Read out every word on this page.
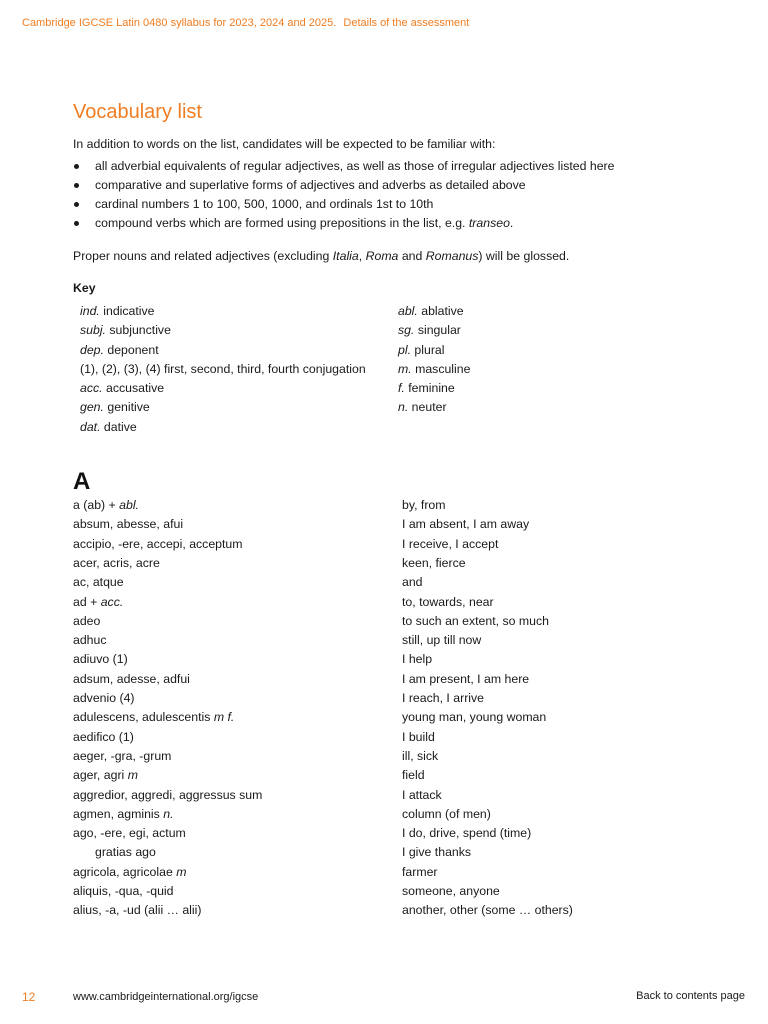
Cambridge IGCSE Latin 0480 syllabus for 2023, 2024 and 2025. Details of the assessment
Vocabulary list
In addition to words on the list, candidates will be expected to be familiar with:
all adverbial equivalents of regular adjectives, as well as those of irregular adjectives listed here
comparative and superlative forms of adjectives and adverbs as detailed above
cardinal numbers 1 to 100, 500, 1000, and ordinals 1st to 10th
compound verbs which are formed using prepositions in the list, e.g. transeo.
Proper nouns and related adjectives (excluding Italia, Roma and Romanus) will be glossed.
Key
ind. indicative
subj. subjunctive
dep. deponent
(1), (2), (3), (4) first, second, third, fourth conjugation
acc. accusative
gen. genitive
dat. dative
abl. ablative
sg. singular
pl. plural
m. masculine
f. feminine
n. neuter
A
a (ab) + abl.	by, from
absum, abesse, afui	I am absent, I am away
accipio, -ere, accepi, acceptum	I receive, I accept
acer, acris, acre	keen, fierce
ac, atque	and
ad + acc.	to, towards, near
adeo	to such an extent, so much
adhuc	still, up till now
adiuvo (1)	I help
adsum, adesse, adfui	I am present, I am here
advenio (4)	I reach, I arrive
adulescens, adulescentis m f.	young man, young woman
aedifico (1)	I build
aeger, -gra, -grum	ill, sick
ager, agri m	field
aggredior, aggredi, aggressus sum	I attack
agmen, agminis n.	column (of men)
ago, -ere, egi, actum	I do, drive, spend (time)
gratias ago	I give thanks
agricola, agricolae m	farmer
aliquis, -qua, -quid	someone, anyone
alius, -a, -ud (alii … alii)	another, other (some … others)
12	www.cambridgeinternational.org/igcse	Back to contents page
